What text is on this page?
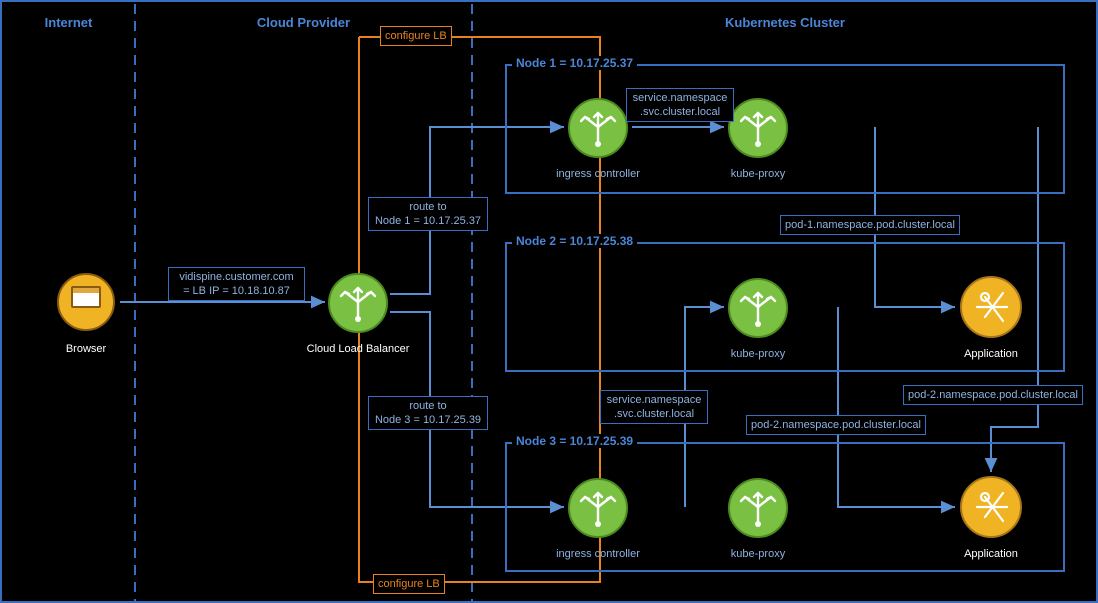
Internet	Cloud Provider	Kubernetes Cluster
Node 1 = 10.17.25.37
Node 2 = 10.17.25.38
Node 3 = 10.17.25.39
Browser	Cloud Load Balancer
ingress controller	kube-proxy
kube-proxy	Application
ingress controller	kube-proxy	Application
configure LB
configure LB
vidispine.customer.com
= LB IP = 10.18.10.87
route to
Node 1 = 10.17.25.37
route to
Node 3 = 10.17.25.39
service.namespace
.svc.cluster.local
service.namespace
.svc.cluster.local
pod-1.namespace.pod.cluster.local
pod-2.namespace.pod.cluster.local
pod-2.namespace.pod.cluster.local
